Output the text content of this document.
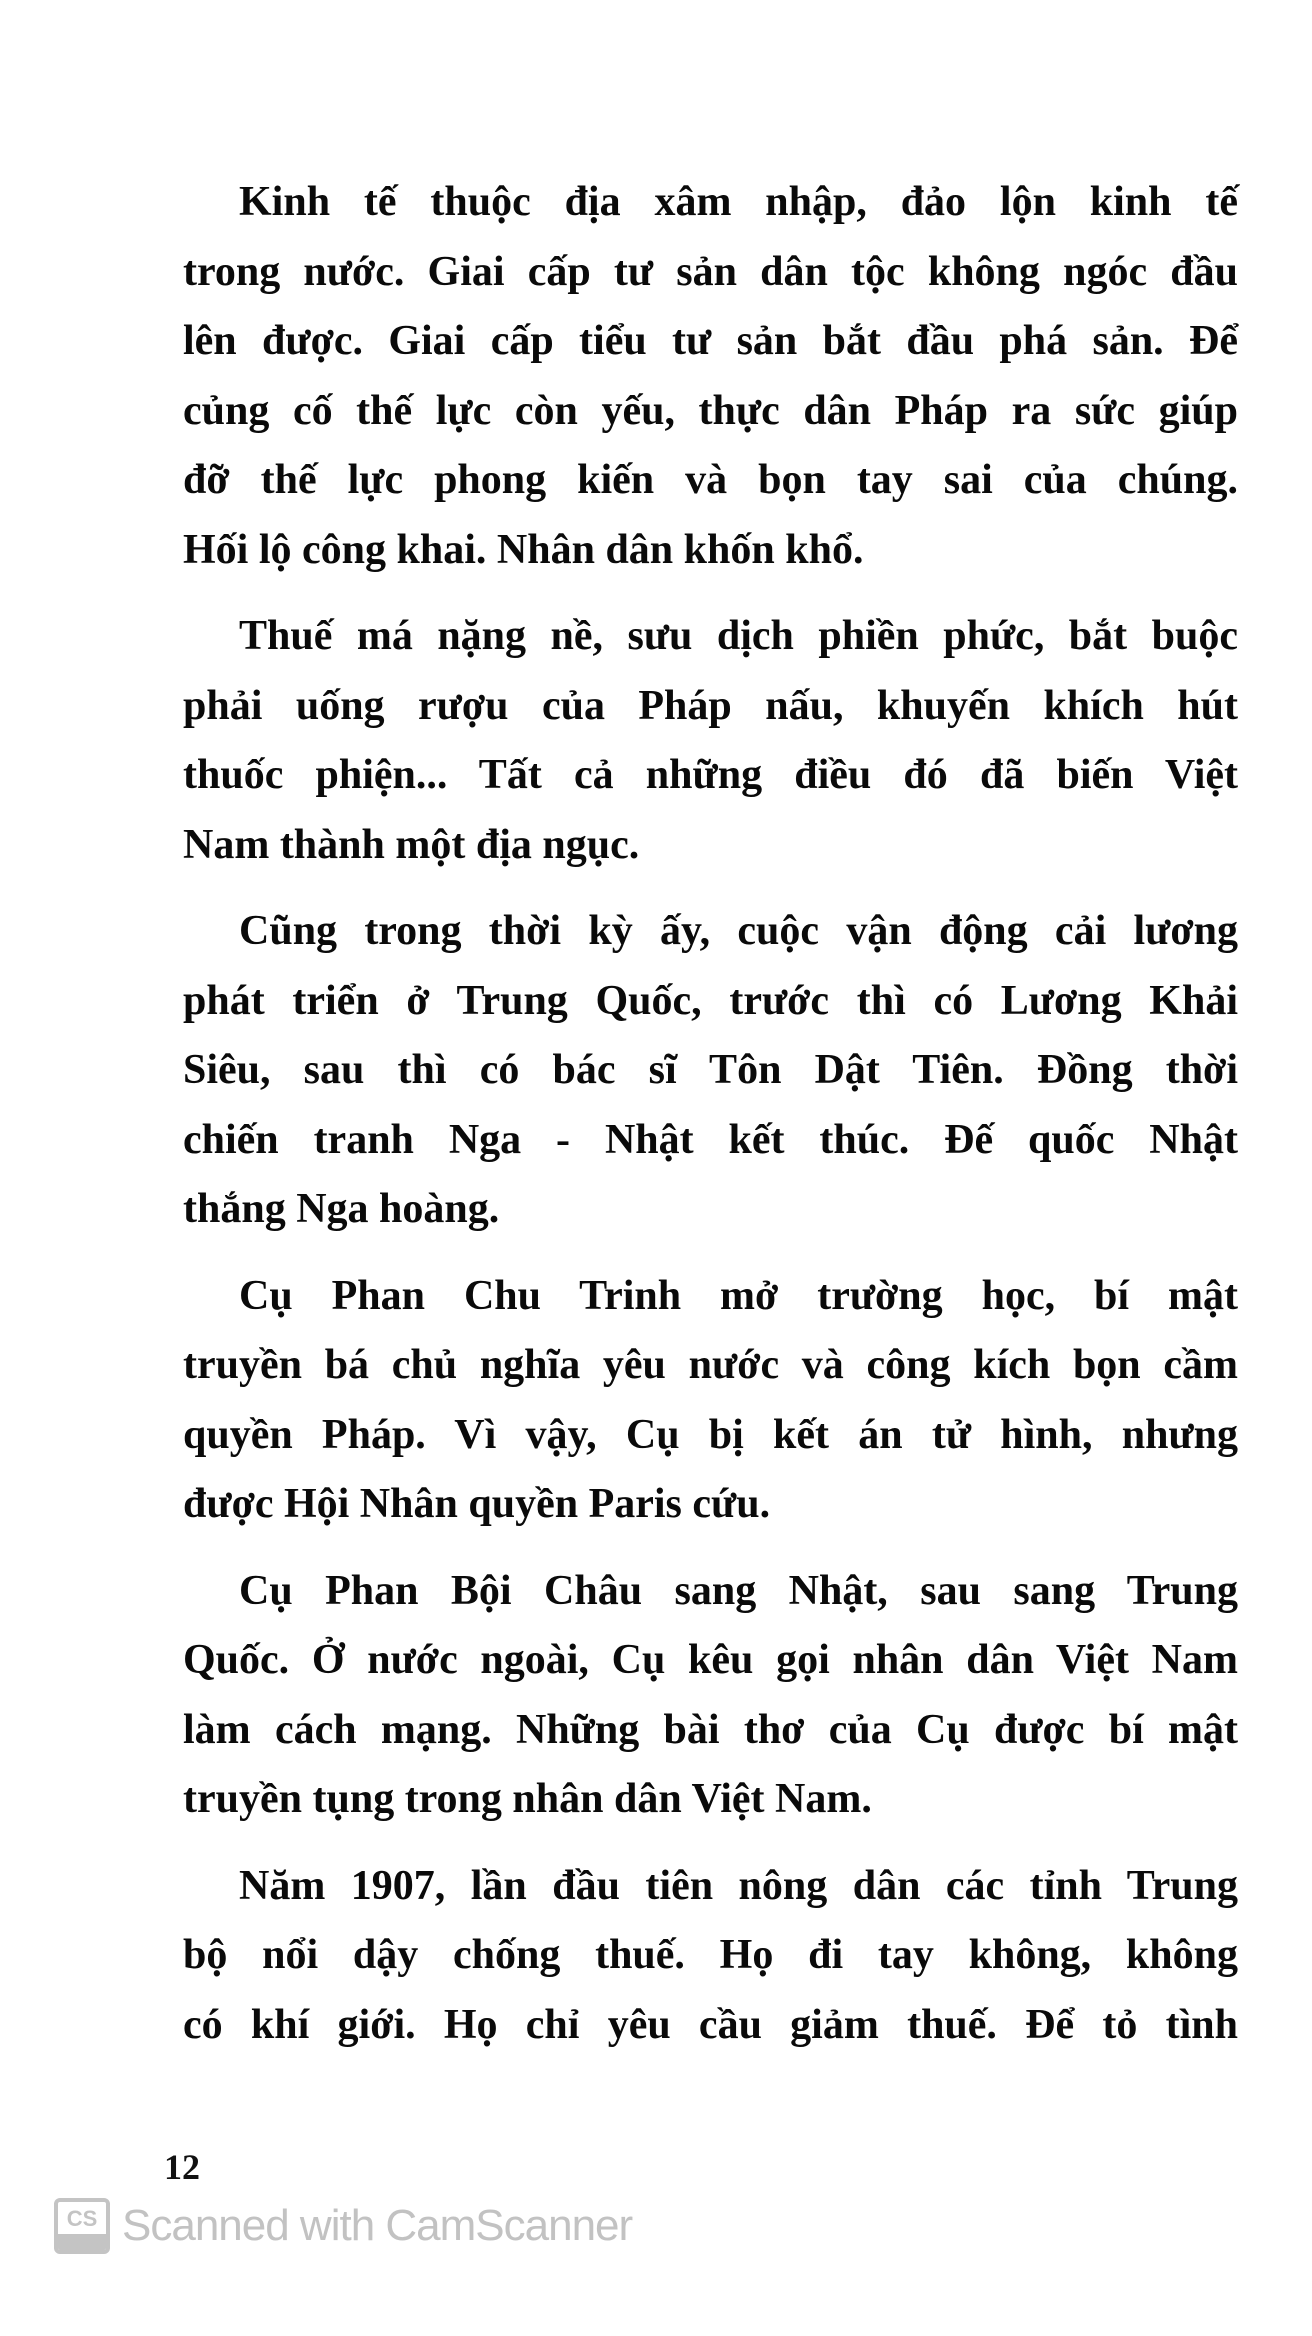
Kinh tế thuộc địa xâm nhập, đảo lộn kinh tế
trong nước. Giai cấp tư sản dân tộc không ngóc đầu
lên được. Giai cấp tiểu tư sản bắt đầu phá sản. Để
củng cố thế lực còn yếu, thực dân Pháp ra sức giúp
đỡ thế lực phong kiến và bọn tay sai của chúng.
Hối lộ công khai. Nhân dân khốn khổ.
Thuế má nặng nề, sưu dịch phiền phức, bắt buộc
phải uống rượu của Pháp nấu, khuyến khích hút
thuốc phiện... Tất cả những điều đó đã biến Việt
Nam thành một địa ngục.
Cũng trong thời kỳ ấy, cuộc vận động cải lương
phát triển ở Trung Quốc, trước thì có Lương Khải
Siêu, sau thì có bác sĩ Tôn Dật Tiên. Đồng thời
chiến tranh Nga - Nhật kết thúc. Đế quốc Nhật
thắng Nga hoàng.
Cụ Phan Chu Trinh mở trường học, bí mật
truyền bá chủ nghĩa yêu nước và công kích bọn cầm
quyền Pháp. Vì vậy, Cụ bị kết án tử hình, nhưng
được Hội Nhân quyền Paris cứu.
Cụ Phan Bội Châu sang Nhật, sau sang Trung
Quốc. Ở nước ngoài, Cụ kêu gọi nhân dân Việt Nam
làm cách mạng. Những bài thơ của Cụ được bí mật
truyền tụng trong nhân dân Việt Nam.
Năm 1907, lần đầu tiên nông dân các tỉnh Trung
bộ nổi dậy chống thuế. Họ đi tay không, không
có khí giới. Họ chỉ yêu cầu giảm thuế. Để tỏ tình
12
CS Scanned with CamScanner
